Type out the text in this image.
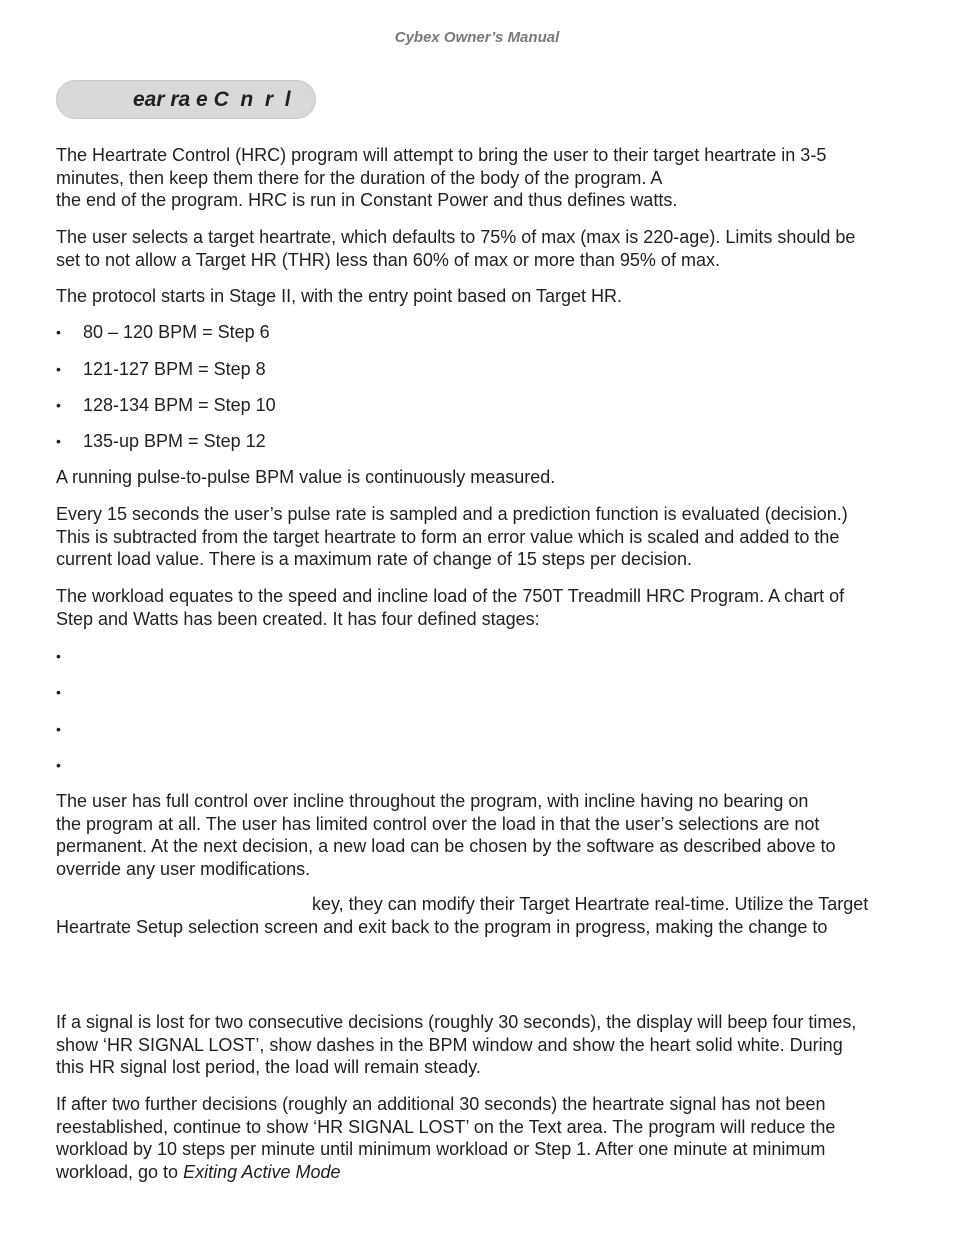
Cybex Owner’s Manual
ear ra e C  n  r  l
The Heartrate Control (HRC) program will attempt to bring the user to their target heartrate in 3-5
minutes, then keep them there for the duration of the body of the program. A
the end of the program. HRC is run in Constant Power and thus defines watts.
The user selects a target heartrate, which defaults to 75% of max (max is 220-age). Limits should be
set to not allow a Target HR (THR) less than 60% of max or more than 95% of max.
The protocol starts in Stage II, with the entry point based on Target HR.
• 80 – 120 BPM = Step 6
• 121-127 BPM = Step 8
• 128-134 BPM = Step 10
• 135-up BPM = Step 12
A running pulse-to-pulse BPM value is continuously measured.
Every 15 seconds the user’s pulse rate is sampled and a prediction function is evaluated (decision.)
This is subtracted from the target heartrate to form an error value which is scaled and added to the
current load value. There is a maximum rate of change of 15 steps per decision.
The workload equates to the speed and incline load of the 750T Treadmill HRC Program. A chart of
Step and Watts has been created. It has four defined stages:
•
•
•
•
The user has full control over incline throughout the program, with incline having no bearing on
the program at all. The user has limited control over the load in that the user’s selections are not
permanent. At the next decision, a new load can be chosen by the software as described above to
override any user modifications.
key, they can modify their Target Heartrate real-time. Utilize the Target
Heartrate Setup selection screen and exit back to the program in progress, making the change to
If a signal is lost for two consecutive decisions (roughly 30 seconds), the display will beep four times,
show ‘HR SIGNAL LOST’, show dashes in the BPM window and show the heart solid white. During
this HR signal lost period, the load will remain steady.
If after two further decisions (roughly an additional 30 seconds) the heartrate signal has not been
reestablished, continue to show ‘HR SIGNAL LOST’ on the Text area. The program will reduce the
workload by 10 steps per minute until minimum workload or Step 1. After one minute at minimum
workload, go to Exiting Active Mode
